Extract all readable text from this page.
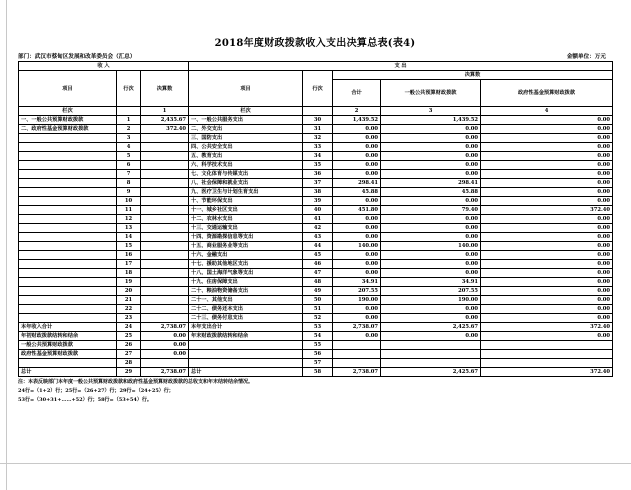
2018年度财政拨款收入支出决算总表(表4)
部门：武汉市蔡甸区发展和改革委员会（汇总）	金额单位：万元
收 入			支 出				
项目	行次	决算数	项目	行次	决算数		
					合计	一般公共预算财政拨款	政府性基金预算财政拨款
栏次		1	栏次		2	3	4
一、一般公共预算财政拨款	1	2,435.67	一、一般公共服务支出	30	1,439.52	1,439.52	0.00
二、政府性基金预算财政拨款	2	372.40	二、外交支出	31	0.00	0.00	0.00
	3		三、国防支出	32	0.00	0.00	0.00
	4		四、公共安全支出	33	0.00	0.00	0.00
	5		五、教育支出	34	0.00	0.00	0.00
	6		六、科学技术支出	35	0.00	0.00	0.00
	7		七、文化体育与传媒支出	36	0.00	0.00	0.00
	8		八、社会保障和就业支出	37	298.41	298.41	0.00
	9		九、医疗卫生与计划生育支出	38	45.88	45.88	0.00
	10		十、节能环保支出	39	0.00	0.00	0.00
	11		十一、城乡社区支出	40	451.80	79.40	372.40
	12		十二、农林水支出	41	0.00	0.00	0.00
	13		十三、交通运输支出	42	0.00	0.00	0.00
	14		十四、资源勘探信息等支出	43	0.00	0.00	0.00
	15		十五、商业服务业等支出	44	140.00	140.00	0.00
	16		十六、金融支出	45	0.00	0.00	0.00
	17		十七、援助其他地区支出	46	0.00	0.00	0.00
	18		十八、国土海洋气象等支出	47	0.00	0.00	0.00
	19		十九、住房保障支出	48	34.91	34.91	0.00
	20		二十、粮油物资储备支出	49	207.55	207.55	0.00
	21		二十一、其他支出	50	190.00	190.00	0.00
	22		二十二、债务还本支出	51	0.00	0.00	0.00
	23		二十三、债务付息支出	52	0.00	0.00	0.00
本年收入合计	24	2,738.07	本年支出合计	53	2,738.07	2,425.67	372.40
年初财政拨款结转和结余	25	0.00	年末财政拨款结转和结余	54	0.00	0.00	0.00
一般公共预算财政拨款	26	0.00		55			
政府性基金预算财政拨款	27	0.00		56			
	28			57			
总计	29	2,738.07	总计	58	2,738.07	2,425.67	372.40
注：本表反映部门本年度一般公共预算财政拨款和政府性基金预算财政拨款的总收支和年末结转结余情况。
24行=（1+2）行；25行=（26+27）行；29行=（24+25）行；
53行=（30+31+……+52）行；58行=（53+54）行。
